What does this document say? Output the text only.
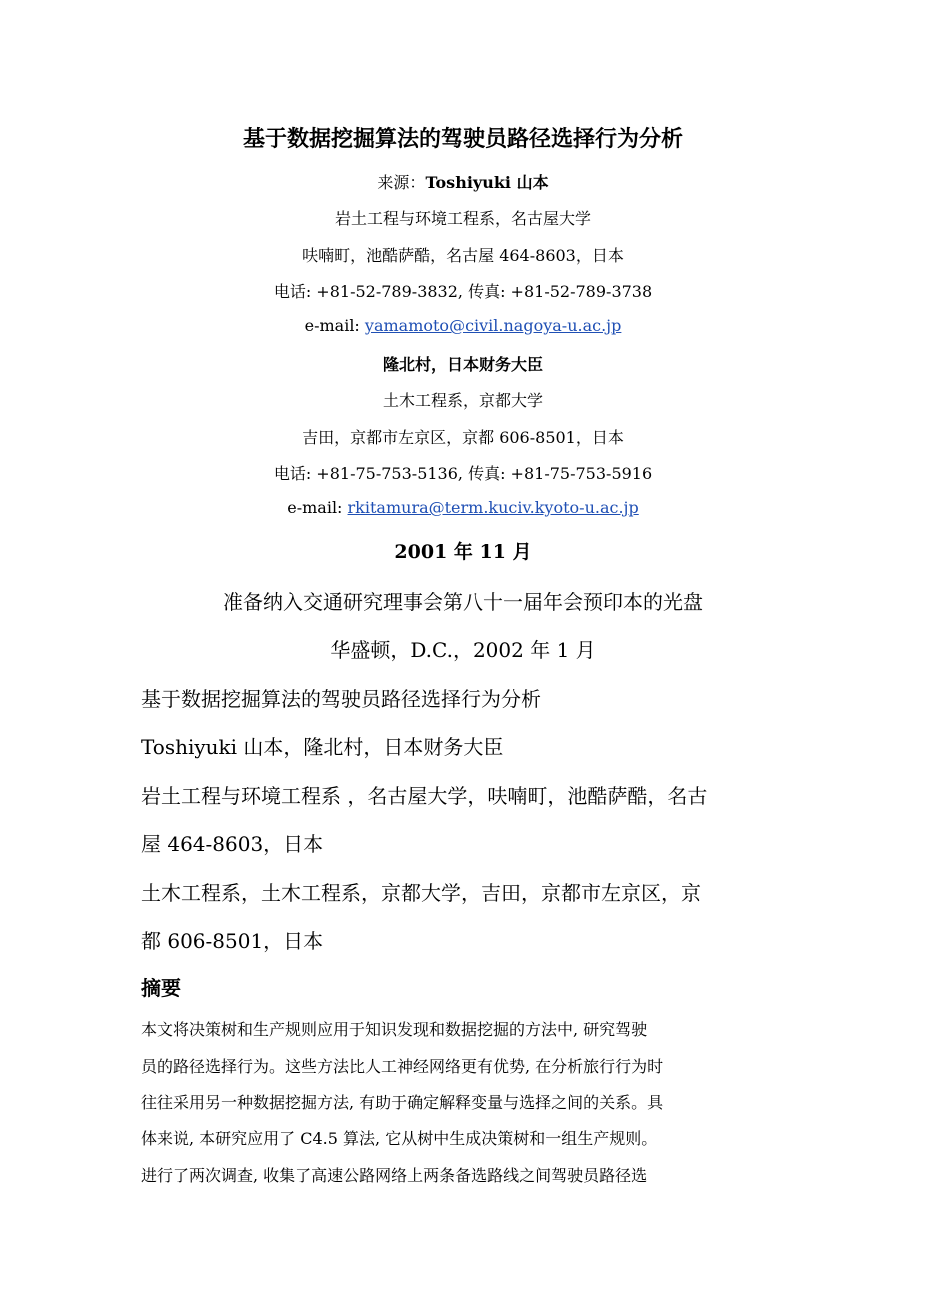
基于数据挖掘算法的驾驶员路径选择行为分析
来源：Toshiyuki 山本
岩土工程与环境工程系，名古屋大学
呋喃町，池酷萨酷，名古屋 464-8603，日本
电话: +81-52-789-3832, 传真: +81-52-789-3738
e-mail: yamamoto@civil.nagoya-u.ac.jp
隆北村，日本财务大臣
土木工程系，京都大学
吉田，京都市左京区，京都 606-8501，日本
电话: +81-75-753-5136, 传真: +81-75-753-5916
e-mail: rkitamura@term.kuciv.kyoto-u.ac.jp
2001 年 11 月
准备纳入交通研究理事会第八十一届年会预印本的光盘
华盛顿，D.C.，2002 年 1 月
基于数据挖掘算法的驾驶员路径选择行为分析
Toshiyuki 山本，隆北村，日本财务大臣
岩土工程与环境工程系 ，名古屋大学，呋喃町，池酷萨酷，名古
屋 464-8603，日本
土木工程系，土木工程系，京都大学，吉田，京都市左京区，京
都 606-8501，日本
摘要
本文将决策树和生产规则应用于知识发现和数据挖掘的方法中, 研究驾驶
员的路径选择行为。这些方法比人工神经网络更有优势, 在分析旅行行为时
往往采用另一种数据挖掘方法, 有助于确定解释变量与选择之间的关系。具
体来说, 本研究应用了 C4.5 算法, 它从树中生成决策树和一组生产规则。
进行了两次调查, 收集了高速公路网络上两条备选路线之间驾驶员路径选
